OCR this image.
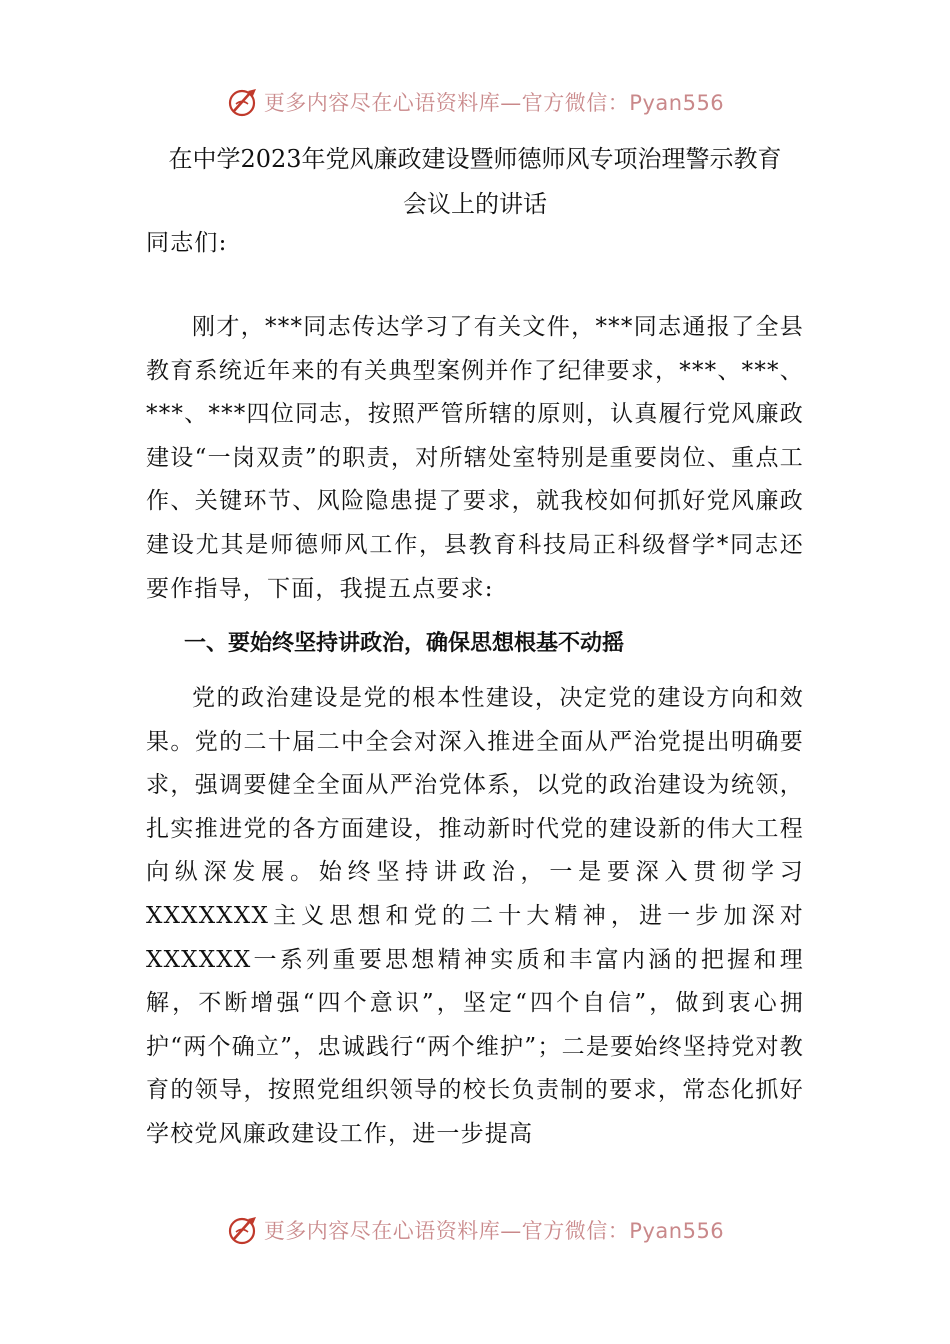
更多内容尽在心语资料库—官方微信：Pyan556
在中学2023年党风廉政建设暨师德师风专项治理警示教育
会议上的讲话
同志们:
刚才，***同志传达学习了有关文件，***同志通报了全县教育系统近年来的有关典型案例并作了纪律要求，***、***、***、***四位同志，按照严管所辖的原则，认真履行党风廉政建设“一岗双责”的职责，对所辖处室特别是重要岗位、重点工作、关键环节、风险隐患提了要求，就我校如何抓好党风廉政建设尤其是师德师风工作，县教育科技局正科级督学*同志还要作指导，下面，我提五点要求:
一、要始终坚持讲政治，确保思想根基不动摇
党的政治建设是党的根本性建设，决定党的建设方向和效果。党的二十届二中全会对深入推进全面从严治党提出明确要求，强调要健全全面从严治党体系，以党的政治建设为统领，扎实推进党的各方面建设，推动新时代党的建设新的伟大工程向纵深发展。始终坚持讲政治，一是要深入贯彻学习XXXXXXX主义思想和党的二十大精神，进一步加深对XXXXXX一系列重要思想精神实质和丰富内涵的把握和理解，不断增强“四个意识”，坚定“四个自信”，做到衷心拥护“两个确立”，忠诚践行“两个维护”；二是要始终坚持党对教育的领导，按照党组织领导的校长负责制的要求，常态化抓好学校党风廉政建设工作，进一步提高
更多内容尽在心语资料库—官方微信：Pyan556
